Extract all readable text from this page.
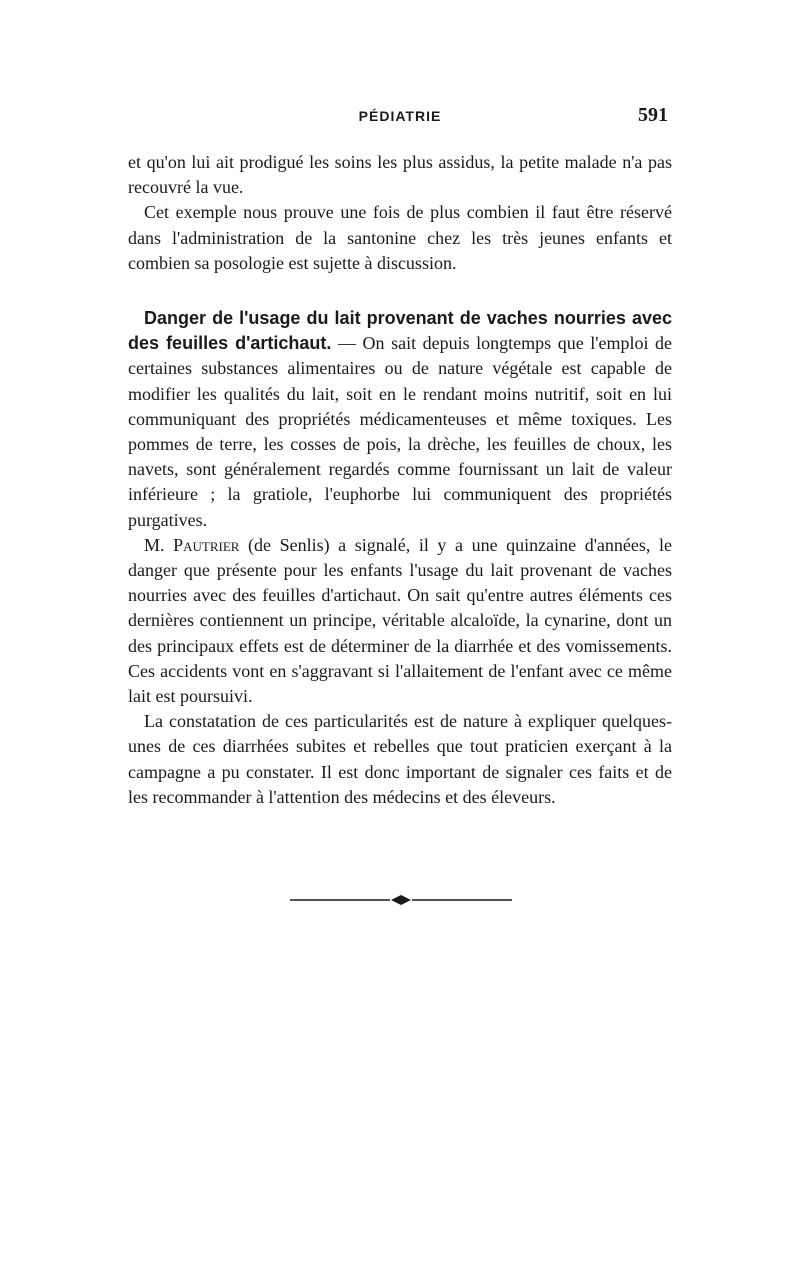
PÉDIATRIE	591

et qu'on lui ait prodigué les soins les plus assidus, la petite malade n'a pas recouvré la vue.

Cet exemple nous prouve une fois de plus combien il faut être réservé dans l'administration de la santonine chez les très jeunes enfants et combien sa posologie est sujette à discussion.

Danger de l'usage du lait provenant de vaches nourries avec des feuilles d'artichaut. — On sait depuis longtemps que l'emploi de certaines substances alimentaires ou de nature végétale est capable de modifier les qualités du lait, soit en le rendant moins nutritif, soit en lui communiquant des propriétés médicamenteuses et même toxiques. Les pommes de terre, les cosses de pois, la drèche, les feuilles de choux, les navets, sont généralement regardés comme fournissant un lait de valeur inférieure ; la gratiole, l'euphorbe lui communiquent des propriétés purgatives.

M. Pautrier (de Senlis) a signalé, il y a une quinzaine d'années, le danger que présente pour les enfants l'usage du lait provenant de vaches nourries avec des feuilles d'artichaut. On sait qu'entre autres éléments ces dernières contiennent un principe, véritable alcaloïde, la cynarine, dont un des principaux effets est de déterminer de la diarrhée et des vomissements. Ces accidents vont en s'aggravant si l'allaitement de l'enfant avec ce même lait est poursuivi.

La constatation de ces particularités est de nature à expliquer quelques-unes de ces diarrhées subites et rebelles que tout praticien exerçant à la campagne a pu constater. Il est donc important de signaler ces faits et de les recommander à l'attention des médecins et des éleveurs.
